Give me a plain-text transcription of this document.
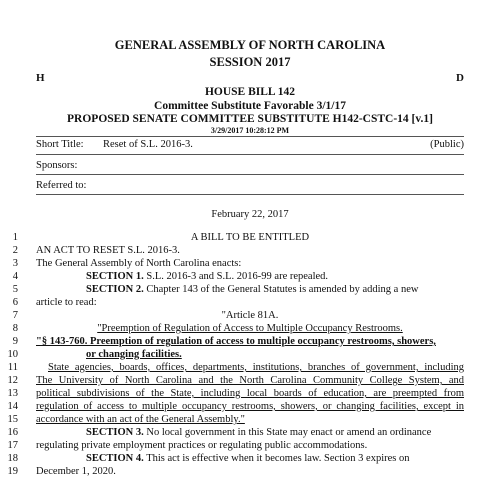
GENERAL ASSEMBLY OF NORTH CAROLINA
SESSION 2017
H	D
HOUSE BILL 142
Committee Substitute Favorable 3/1/17
PROPOSED SENATE COMMITTEE SUBSTITUTE H142-CSTC-14 [v.1]
3/29/2017 10:28:12 PM
Short Title: Reset of S.L. 2016-3.	(Public)
Sponsors:
Referred to:
February 22, 2017
1
2
3
4
5
6
7
8
9
10
11
12
13
14
15
16
17
18
19
A BILL TO BE ENTITLED
AN ACT TO RESET S.L. 2016-3.
The General Assembly of North Carolina enacts:
SECTION 1. S.L. 2016-3 and S.L. 2016-99 are repealed.
SECTION 2. Chapter 143 of the General Statutes is amended by adding a new
article to read:
"Article 81A.
"Preemption of Regulation of Access to Multiple Occupancy Restrooms.
"§ 143-760. Preemption of regulation of access to multiple occupancy restrooms, showers,
or changing facilities.
State agencies, boards, offices, departments, institutions, branches of government, including
The University of North Carolina and the North Carolina Community College System, and
political subdivisions of the State, including local boards of education, are preempted from
regulation of access to multiple occupancy restrooms, showers, or changing facilities, except in
accordance with an act of the General Assembly."
SECTION 3. No local government in this State may enact or amend an ordinance
regulating private employment practices or regulating public accommodations.
SECTION 4. This act is effective when it becomes law. Section 3 expires on
December 1, 2020.
